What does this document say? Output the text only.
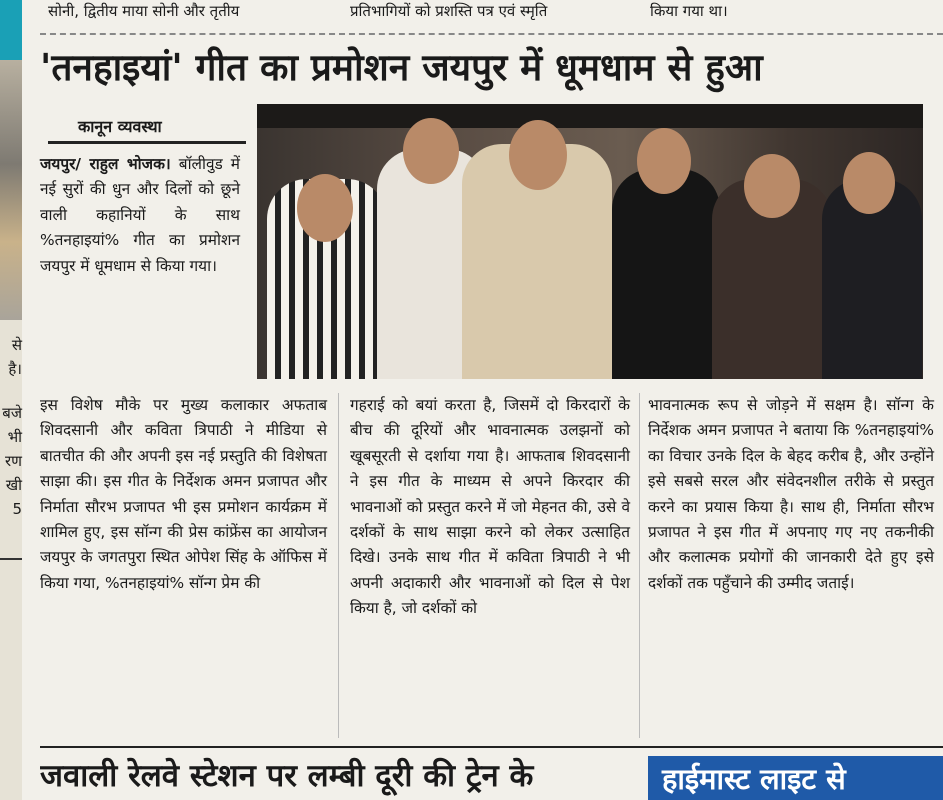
से
है।
बजे
भी
रण
खी
5
सोनी, द्वितीय माया सोनी और तृतीय	प्रतिभागियों को प्रशस्ति पत्र एवं स्मृति	किया गया था।
'तनहाइयां' गीत का प्रमोशन जयपुर में धूमधाम से हुआ
कानून व्यवस्था
जयपुर/ राहुल भोजक। बॉलीवुड में नई सुरों की धुन और दिलों को छूने वाली कहानियों के साथ %तनहाइयां% गीत का प्रमोशन जयपुर में धूमधाम से किया गया।
इस विशेष मौके पर मुख्य कलाकार अफताब शिवदसानी और कविता त्रिपाठी ने मीडिया से बातचीत की और अपनी इस नई प्रस्तुति की विशेषता साझा की। इस गीत के निर्देशक अमन प्रजापत और निर्माता सौरभ प्रजापत भी इस प्रमोशन कार्यक्रम में शामिल हुए, इस सॉन्ग की प्रेस कांफ्रेंस का आयोजन जयपुर के जगतपुरा स्थित ओपेश सिंह के ऑफिस में किया गया, %तनहाइयां% सॉन्ग प्रेम की
गहराई को बयां करता है, जिसमें दो किरदारों के बीच की दूरियों और भावनात्मक उलझनों को खूबसूरती से दर्शाया गया है। आफताब शिवदसानी ने इस गीत के माध्यम से अपने किरदार की भावनाओं को प्रस्तुत करने में जो मेहनत की, उसे वे दर्शकों के साथ साझा करने को लेकर उत्साहित दिखे। उनके साथ गीत में कविता त्रिपाठी ने भी अपनी अदाकारी और भावनाओं को दिल से पेश किया है, जो दर्शकों को
भावनात्मक रूप से जोड़ने में सक्षम है। सॉन्ग के निर्देशक अमन प्रजापत ने बताया कि %तनहाइयां% का विचार उनके दिल के बेहद करीब है, और उन्होंने इसे सबसे सरल और संवेदनशील तरीके से प्रस्तुत करने का प्रयास किया है। साथ ही, निर्माता सौरभ प्रजापत ने इस गीत में अपनाए गए नए तकनीकी और कलात्मक प्रयोगों की जानकारी देते हुए इसे दर्शकों तक पहुँचाने की उम्मीद जताई।
जवाली रेलवे स्टेशन पर लम्बी दूरी की ट्रेन के	हाईमास्ट लाइट से
